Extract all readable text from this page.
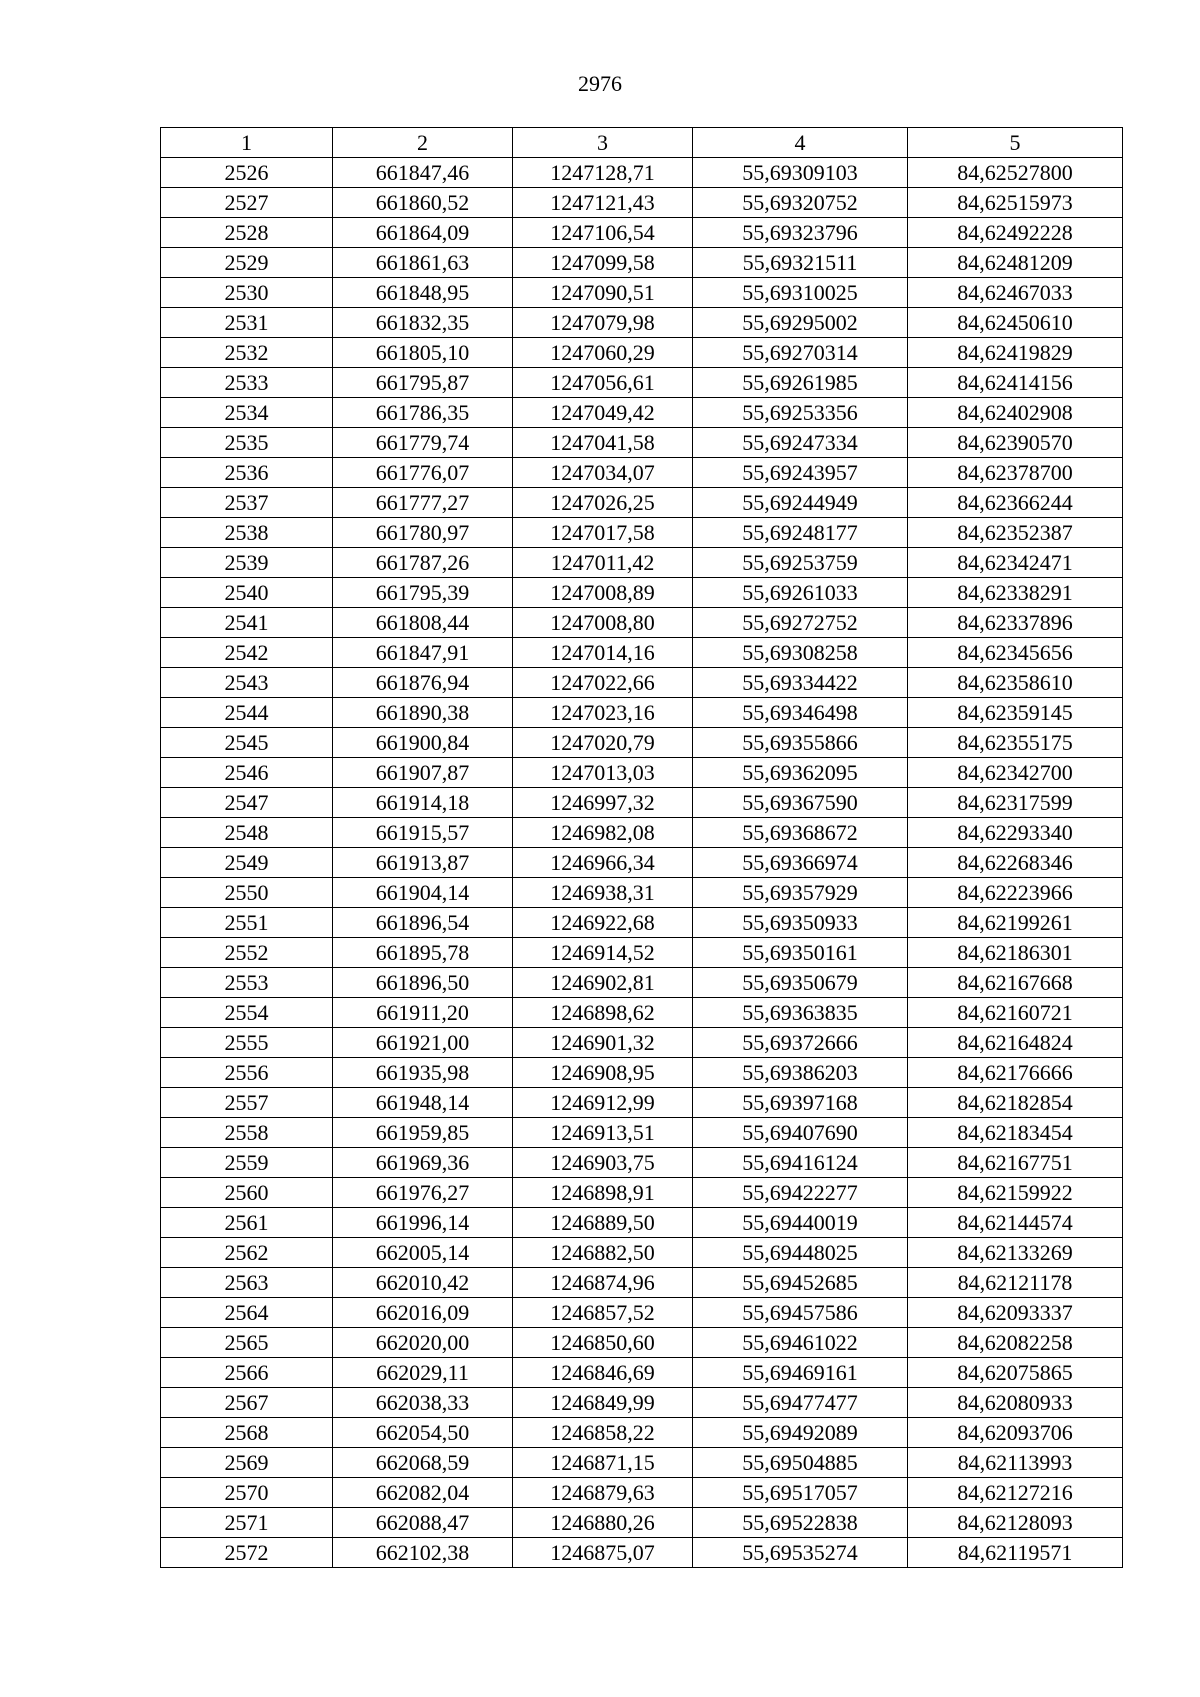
2976
1	2	3	4	5
2526	661847,46	1247128,71	55,69309103	84,62527800
2527	661860,52	1247121,43	55,69320752	84,62515973
2528	661864,09	1247106,54	55,69323796	84,62492228
2529	661861,63	1247099,58	55,69321511	84,62481209
2530	661848,95	1247090,51	55,69310025	84,62467033
2531	661832,35	1247079,98	55,69295002	84,62450610
2532	661805,10	1247060,29	55,69270314	84,62419829
2533	661795,87	1247056,61	55,69261985	84,62414156
2534	661786,35	1247049,42	55,69253356	84,62402908
2535	661779,74	1247041,58	55,69247334	84,62390570
2536	661776,07	1247034,07	55,69243957	84,62378700
2537	661777,27	1247026,25	55,69244949	84,62366244
2538	661780,97	1247017,58	55,69248177	84,62352387
2539	661787,26	1247011,42	55,69253759	84,62342471
2540	661795,39	1247008,89	55,69261033	84,62338291
2541	661808,44	1247008,80	55,69272752	84,62337896
2542	661847,91	1247014,16	55,69308258	84,62345656
2543	661876,94	1247022,66	55,69334422	84,62358610
2544	661890,38	1247023,16	55,69346498	84,62359145
2545	661900,84	1247020,79	55,69355866	84,62355175
2546	661907,87	1247013,03	55,69362095	84,62342700
2547	661914,18	1246997,32	55,69367590	84,62317599
2548	661915,57	1246982,08	55,69368672	84,62293340
2549	661913,87	1246966,34	55,69366974	84,62268346
2550	661904,14	1246938,31	55,69357929	84,62223966
2551	661896,54	1246922,68	55,69350933	84,62199261
2552	661895,78	1246914,52	55,69350161	84,62186301
2553	661896,50	1246902,81	55,69350679	84,62167668
2554	661911,20	1246898,62	55,69363835	84,62160721
2555	661921,00	1246901,32	55,69372666	84,62164824
2556	661935,98	1246908,95	55,69386203	84,62176666
2557	661948,14	1246912,99	55,69397168	84,62182854
2558	661959,85	1246913,51	55,69407690	84,62183454
2559	661969,36	1246903,75	55,69416124	84,62167751
2560	661976,27	1246898,91	55,69422277	84,62159922
2561	661996,14	1246889,50	55,69440019	84,62144574
2562	662005,14	1246882,50	55,69448025	84,62133269
2563	662010,42	1246874,96	55,69452685	84,62121178
2564	662016,09	1246857,52	55,69457586	84,62093337
2565	662020,00	1246850,60	55,69461022	84,62082258
2566	662029,11	1246846,69	55,69469161	84,62075865
2567	662038,33	1246849,99	55,69477477	84,62080933
2568	662054,50	1246858,22	55,69492089	84,62093706
2569	662068,59	1246871,15	55,69504885	84,62113993
2570	662082,04	1246879,63	55,69517057	84,62127216
2571	662088,47	1246880,26	55,69522838	84,62128093
2572	662102,38	1246875,07	55,69535274	84,62119571
